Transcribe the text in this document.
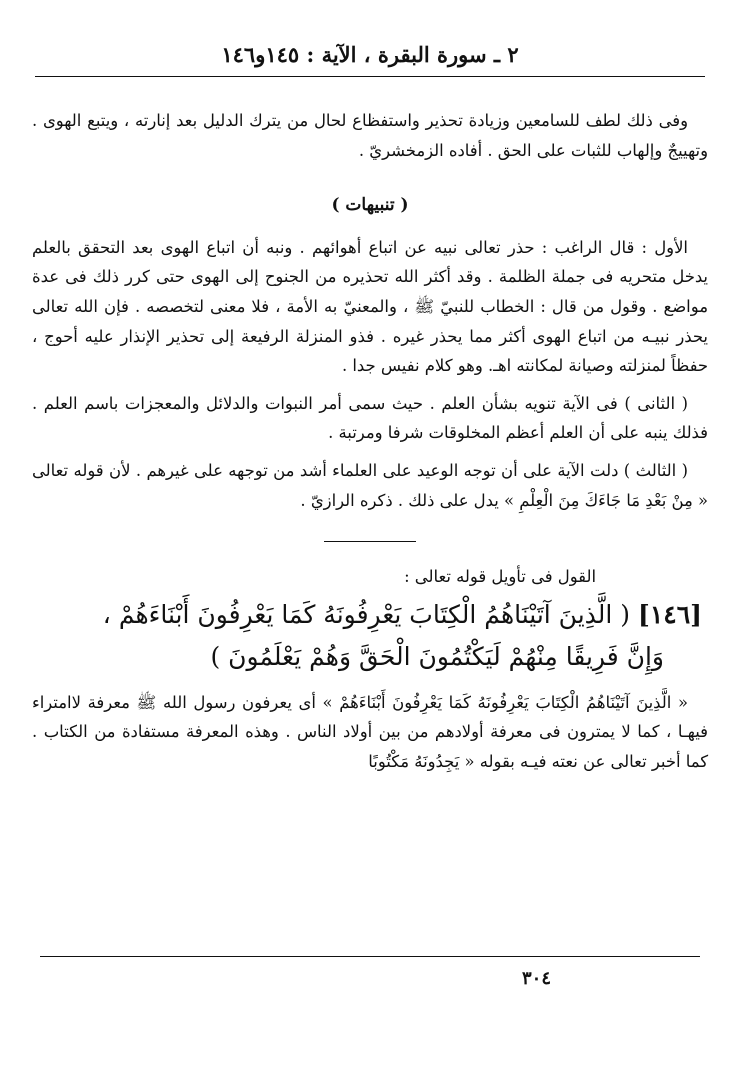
٢ ـ سورة البقرة ، الآية : ١٤٥و١٤٦

وفى ذلك لطف للسامعين وزيادة تحذير واستفظاع لحال من يترك الدليل بعد إنارته ، ويتبع الهوى . وتهييجٌ وإلهاب للثبات على الحق . أفاده الزمخشريّ .

( تنبيهات )

الأول : قال الراغب : حذر تعالى نبيه عن اتباع أهوائهم . ونبه أن اتباع الهوى بعد التحقق بالعلم يدخل متحريه فى جملة الظلمة . وقد أكثر الله تحذيره من الجنوح إلى الهوى حتى كرر ذلك فى عدة مواضع . وقول من قال : الخطاب للنبيّ ﷺ ، والمعنيّ به الأمة ، فلا معنى لتخصصه . فإن الله تعالى يحذر نبيـه من اتباع الهوى أكثر مما يحذر غيره . فذو المنزلة الرفيعة إلى تحذير الإنذار عليه أحوج ، حفظاً لمنزلته وصيانة لمكانته اهـ. وهو كلام نفيس جدا .

( الثانى ) فى الآية تنويه بشأن العلم . حيث سمى أمر النبوات والدلائل والمعجزات باسم العلم . فذلك ينبه على أن العلم أعظم المخلوقات شرفا ومرتبة .

( الثالث ) دلت الآية على أن توجه الوعيد على العلماء أشد من توجهه على غيرهم . لأن قوله تعالى « مِنْ بَعْدِ مَا جَاءَكَ مِنَ الْعِلْمِ » يدل على ذلك . ذكره الرازيّ .

القول فى تأويل قوله تعالى :

[١٤٦] ( الَّذِينَ آتَيْنَاهُمُ الْكِتَابَ يَعْرِفُونَهُ كَمَا يَعْرِفُونَ أَبْنَاءَهُمْ ،

وَإِنَّ فَرِيقًا مِنْهُمْ لَيَكْتُمُونَ الْحَقَّ وَهُمْ يَعْلَمُونَ )

« الَّذِينَ آتَيْنَاهُمُ الْكِتَابَ يَعْرِفُونَهُ كَمَا يَعْرِفُونَ أَبْنَاءَهُمْ » أى يعرفون رسول الله ﷺ معرفة لاامتراء فيهـا ، كما لا يمترون فى معرفة أولادهم من بين أولاد الناس . وهذه المعرفة مستفادة من الكتاب . كما أخبر تعالى عن نعته فيـه بقوله « يَجِدُونَهُ مَكْتُوبًا

٣٠٤
